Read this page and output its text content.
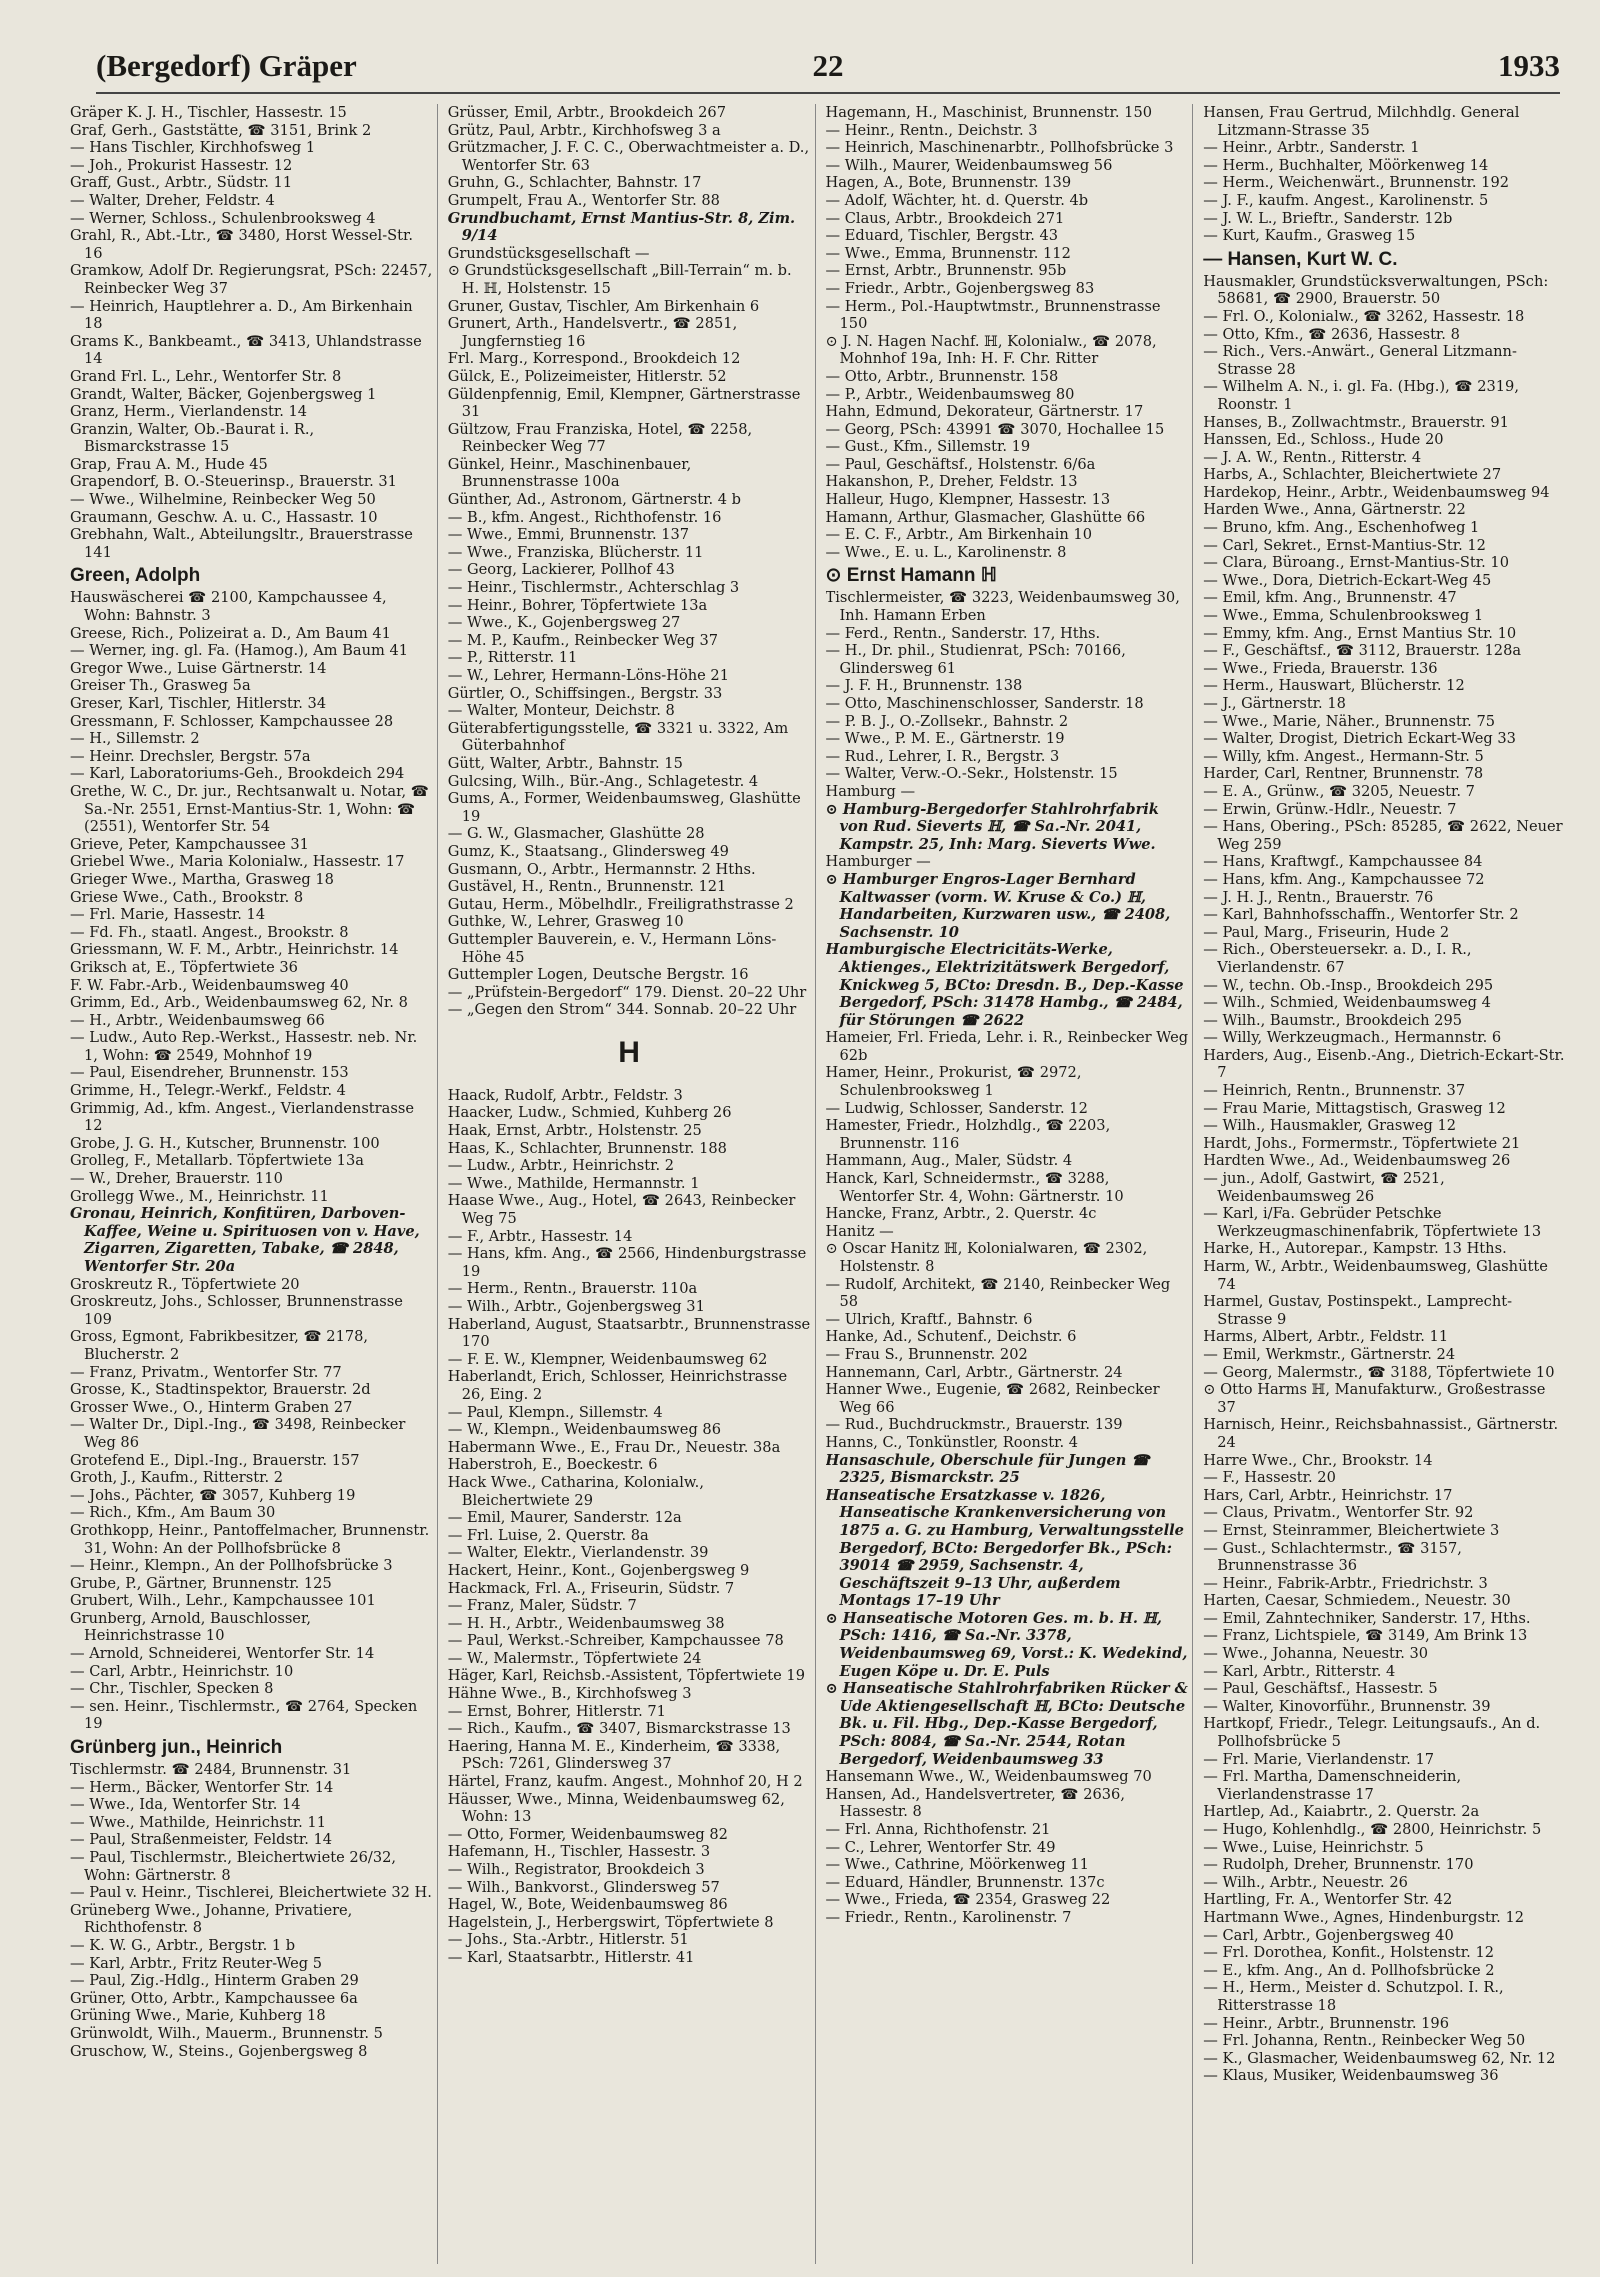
(Bergedorf) Gräper	22	1933
Gräper K. J. H., Tischler, Hassestr. 15
Graf, Gerh., Gaststätte, ☎ 3151, Brink 2
— Hans Tischler, Kirchhofsweg 1
— Joh., Prokurist Hassestr. 12
Graff, Gust., Arbtr., Südstr. 11
— Walter, Dreher, Feldstr. 4
— Werner, Schloss., Schulenbrooksweg 4
Grahl, R., Abt.-Ltr., ☎ 3480, Horst Wessel-Str. 16
Gramkow, Adolf Dr. Regierungsrat, PSch: 22457, Reinbecker Weg 37
— Heinrich, Hauptlehrer a. D., Am Birkenhain 18
Grams K., Bankbeamt., ☎ 3413, Uhlandstrasse 14
Grand Frl. L., Lehr., Wentorfer Str. 8
Grandt, Walter, Bäcker, Gojenbergsweg 1
Granz, Herm., Vierlandenstr. 14
Granzin, Walter, Ob.-Baurat i. R., Bismarckstrasse 15
Grap, Frau A. M., Hude 45
Grapendorf, B. O.-Steuerinsp., Brauerstr. 31
— Wwe., Wilhelmine, Reinbecker Weg 50
Graumann, Geschw. A. u. C., Hassastr. 10
Grebhahn, Walt., Abteilungsltr., Brauerstrasse 141
Green, Adolph
Hauswäscherei ☎ 2100, Kampchaussee 4, Wohn: Bahnstr. 3
Greese, Rich., Polizeirat a. D., Am Baum 41
— Werner, ing. gl. Fa. (Hamog.), Am Baum 41
Gregor Wwe., Luise Gärtnerstr. 14
Greiser Th., Grasweg 5a
Greser, Karl, Tischler, Hitlerstr. 34
Gressmann, F. Schlosser, Kampchaussee 28
— H., Sillemstr. 2
— Heinr. Drechsler, Bergstr. 57a
— Karl, Laboratoriums-Geh., Brookdeich 294
Grethe, W. C., Dr. jur., Rechtsanwalt u. Notar, ☎ Sa.-Nr. 2551, Ernst-Mantius-Str. 1, Wohn: ☎ (2551), Wentorfer Str. 54
Grieve, Peter, Kampchaussee 31
Griebel Wwe., Maria Kolonialw., Hassestr. 17
Grieger Wwe., Martha, Grasweg 18
Griese Wwe., Cath., Brookstr. 8
— Frl. Marie, Hassestr. 14
— Fd. Fh., staatl. Angest., Brookstr. 8
Griessmann, W. F. M., Arbtr., Heinrichstr. 14
Griksch at, E., Töpfertwiete 36
F. W. Fabr.-Arb., Weidenbaumsweg 40
Grimm, Ed., Arb., Weidenbaumsweg 62, Nr. 8
— H., Arbtr., Weidenbaumsweg 66
— Ludw., Auto Rep.-Werkst., Hassestr. neb. Nr. 1, Wohn: ☎ 2549, Mohnhof 19
— Paul, Eisendreher, Brunnenstr. 153
Grimme, H., Telegr.-Werkf., Feldstr. 4
Grimmig, Ad., kfm. Angest., Vierlandenstrasse 12
Grobe, J. G. H., Kutscher, Brunnenstr. 100
Grolleg, F., Metallarb. Töpfertwiete 13a
— W., Dreher, Brauerstr. 110
Grollegg Wwe., M., Heinrichstr. 11
Gronau, Heinrich, Konfitüren, Darboven-Kaffee, Weine u. Spirituosen von v. Have, Zigarren, Zigaretten, Tabake, ☎ 2848, Wentorfer Str. 20a
Groskreutz R., Töpfertwiete 20
Groskreutz, Johs., Schlosser, Brunnenstrasse 109
Gross, Egmont, Fabrikbesitzer, ☎ 2178, Blucherstr. 2
— Franz, Privatm., Wentorfer Str. 77
Grosse, K., Stadtinspektor, Brauerstr. 2d
Grosser Wwe., O., Hinterm Graben 27
— Walter Dr., Dipl.-Ing., ☎ 3498, Reinbecker Weg 86
Grotefend E., Dipl.-Ing., Brauerstr. 157
Groth, J., Kaufm., Ritterstr. 2
— Johs., Pächter, ☎ 3057, Kuhberg 19
— Rich., Kfm., Am Baum 30
Grothkopp, Heinr., Pantoffelmacher, Brunnenstr. 31, Wohn: An der Pollhofsbrücke 8
— Heinr., Klempn., An der Pollhofsbrücke 3
Grube, P., Gärtner, Brunnenstr. 125
Grubert, Wilh., Lehr., Kampchaussee 101
Grunberg, Arnold, Bauschlosser, Heinrichstrasse 10
— Arnold, Schneiderei, Wentorfer Str. 14
— Carl, Arbtr., Heinrichstr. 10
— Chr., Tischler, Specken 8
— sen. Heinr., Tischlermstr., ☎ 2764, Specken 19
Grünberg jun., Heinrich
Tischlermstr. ☎ 2484, Brunnenstr. 31
— Herm., Bäcker, Wentorfer Str. 14
— Wwe., Ida, Wentorfer Str. 14
— Wwe., Mathilde, Heinrichstr. 11
— Paul, Straßenmeister, Feldstr. 14
— Paul, Tischlermstr., Bleichertwiete 26/32, Wohn: Gärtnerstr. 8
— Paul v. Heinr., Tischlerei, Bleichertwiete 32 H.
Grüneberg Wwe., Johanne, Privatiere, Richthofenstr. 8
— K. W. G., Arbtr., Bergstr. 1 b
— Karl, Arbtr., Fritz Reuter-Weg 5
— Paul, Zig.-Hdlg., Hinterm Graben 29
Grüner, Otto, Arbtr., Kampchaussee 6a
Grüning Wwe., Marie, Kuhberg 18
Grünwoldt, Wilh., Mauerm., Brunnenstr. 5
Gruschow, W., Steins., Gojenbergsweg 8
Grüsser, Emil, Arbtr., Brookdeich 267
Grütz, Paul, Arbtr., Kirchhofsweg 3 a
Grützmacher, J. F. C. C., Oberwachtmeister a. D., Wentorfer Str. 63
Gruhn, G., Schlachter, Bahnstr. 17
Grumpelt, Frau A., Wentorfer Str. 88
Grundbuchamt, Ernst Mantius-Str. 8, Zim. 9/14
Grundstücksgesellschaft —
⊙ Grundstücksgesellschaft „Bill-Terrain“ m. b. H. ℍ, Holstenstr. 15
Gruner, Gustav, Tischler, Am Birkenhain 6
Grunert, Arth., Handelsvertr., ☎ 2851, Jungfernstieg 16
Frl. Marg., Korrespond., Brookdeich 12
Gülck, E., Polizeimeister, Hitlerstr. 52
Güldenpfennig, Emil, Klempner, Gärtnerstrasse 31
Gültzow, Frau Franziska, Hotel, ☎ 2258, Reinbecker Weg 77
Günkel, Heinr., Maschinenbauer, Brunnenstrasse 100a
Günther, Ad., Astronom, Gärtnerstr. 4 b
— B., kfm. Angest., Richthofenstr. 16
— Wwe., Emmi, Brunnenstr. 137
— Wwe., Franziska, Blücherstr. 11
— Georg, Lackierer, Pollhof 43
— Heinr., Tischlermstr., Achterschlag 3
— Heinr., Bohrer, Töpfertwiete 13a
— Wwe., K., Gojenbergsweg 27
— M. P., Kaufm., Reinbecker Weg 37
— P., Ritterstr. 11
— W., Lehrer, Hermann-Löns-Höhe 21
Gürtler, O., Schiffsingen., Bergstr. 33
— Walter, Monteur, Deichstr. 8
Güterabfertigungsstelle, ☎ 3321 u. 3322, Am Güterbahnhof
Gütt, Walter, Arbtr., Bahnstr. 15
Gulcsing, Wilh., Bür.-Ang., Schlagetestr. 4
Gums, A., Former, Weidenbaumsweg, Glashütte 19
— G. W., Glasmacher, Glashütte 28
Gumz, K., Staatsang., Glindersweg 49
Gusmann, O., Arbtr., Hermannstr. 2 Hths.
Gustävel, H., Rentn., Brunnenstr. 121
Gutau, Herm., Möbelhdlr., Freiligrathstrasse 2
Guthke, W., Lehrer, Grasweg 10
Guttempler Bauverein, e. V., Hermann Löns-Höhe 45
Guttempler Logen, Deutsche Bergstr. 16
— „Prüfstein-Bergedorf“ 179. Dienst. 20–22 Uhr
— „Gegen den Strom“ 344. Sonnab. 20–22 Uhr
H
Haack, Rudolf, Arbtr., Feldstr. 3
Haacker, Ludw., Schmied, Kuhberg 26
Haak, Ernst, Arbtr., Holstenstr. 25
Haas, K., Schlachter, Brunnenstr. 188
— Ludw., Arbtr., Heinrichstr. 2
— Wwe., Mathilde, Hermannstr. 1
Haase Wwe., Aug., Hotel, ☎ 2643, Reinbecker Weg 75
— F., Arbtr., Hassestr. 14
— Hans, kfm. Ang., ☎ 2566, Hindenburgstrasse 19
— Herm., Rentn., Brauerstr. 110a
— Wilh., Arbtr., Gojenbergsweg 31
Haberland, August, Staatsarbtr., Brunnenstrasse 170
— F. E. W., Klempner, Weidenbaumsweg 62
Haberlandt, Erich, Schlosser, Heinrichstrasse 26, Eing. 2
— Paul, Klempn., Sillemstr. 4
— W., Klempn., Weidenbaumsweg 86
Habermann Wwe., E., Frau Dr., Neuestr. 38a
Haberstroh, E., Boeckestr. 6
Hack Wwe., Catharina, Kolonialw., Bleichertwiete 29
— Emil, Maurer, Sanderstr. 12a
— Frl. Luise, 2. Querstr. 8a
— Walter, Elektr., Vierlandenstr. 39
Hackert, Heinr., Kont., Gojenbergsweg 9
Hackmack, Frl. A., Friseurin, Südstr. 7
— Franz, Maler, Südstr. 7
— H. H., Arbtr., Weidenbaumsweg 38
— Paul, Werkst.-Schreiber, Kampchaussee 78
— W., Malermstr., Töpfertwiete 24
Häger, Karl, Reichsb.-Assistent, Töpfertwiete 19
Hähne Wwe., B., Kirchhofsweg 3
— Ernst, Bohrer, Hitlerstr. 71
— Rich., Kaufm., ☎ 3407, Bismarckstrasse 13
Haering, Hanna M. E., Kinderheim, ☎ 3338, PSch: 7261, Glindersweg 37
Härtel, Franz, kaufm. Angest., Mohnhof 20, H 2
Häusser, Wwe., Minna, Weidenbaumsweg 62, Wohn: 13
— Otto, Former, Weidenbaumsweg 82
Hafemann, H., Tischler, Hassestr. 3
— Wilh., Registrator, Brookdeich 3
— Wilh., Bankvorst., Glindersweg 57
Hagel, W., Bote, Weidenbaumsweg 86
Hagelstein, J., Herbergswirt, Töpfertwiete 8
— Johs., Sta.-Arbtr., Hitlerstr. 51
— Karl, Staatsarbtr., Hitlerstr. 41
Hagemann, H., Maschinist, Brunnenstr. 150
— Heinr., Rentn., Deichstr. 3
— Heinrich, Maschinenarbtr., Pollhofsbrücke 3
— Wilh., Maurer, Weidenbaumsweg 56
Hagen, A., Bote, Brunnenstr. 139
— Adolf, Wächter, ht. d. Querstr. 4b
— Claus, Arbtr., Brookdeich 271
— Eduard, Tischler, Bergstr. 43
— Wwe., Emma, Brunnenstr. 112
— Ernst, Arbtr., Brunnenstr. 95b
— Friedr., Arbtr., Gojenbergsweg 83
— Herm., Pol.-Hauptwtmstr., Brunnenstrasse 150
⊙ J. N. Hagen Nachf. ℍ, Kolonialw., ☎ 2078, Mohnhof 19a, Inh: H. F. Chr. Ritter
— Otto, Arbtr., Brunnenstr. 158
— P., Arbtr., Weidenbaumsweg 80
Hahn, Edmund, Dekorateur, Gärtnerstr. 17
— Georg, PSch: 43991 ☎ 3070, Hochallee 15
— Gust., Kfm., Sillemstr. 19
— Paul, Geschäftsf., Holstenstr. 6/6a
Hakanshon, P., Dreher, Feldstr. 13
Halleur, Hugo, Klempner, Hassestr. 13
Hamann, Arthur, Glasmacher, Glashütte 66
— E. C. F., Arbtr., Am Birkenhain 10
— Wwe., E. u. L., Karolinenstr. 8
⊙ Ernst Hamann ℍ
Tischlermeister, ☎ 3223, Weidenbaumsweg 30, Inh. Hamann Erben
— Ferd., Rentn., Sanderstr. 17, Hths.
— H., Dr. phil., Studienrat, PSch: 70166, Glindersweg 61
— J. F. H., Brunnenstr. 138
— Otto, Maschinenschlosser, Sanderstr. 18
— P. B. J., O.-Zollsekr., Bahnstr. 2
— Wwe., P. M. E., Gärtnerstr. 19
— Rud., Lehrer, I. R., Bergstr. 3
— Walter, Verw.-O.-Sekr., Holstenstr. 15
Hamburg —
⊙ Hamburg-Bergedorfer Stahlrohrfabrik von Rud. Sieverts ℍ, ☎ Sa.-Nr. 2041, Kampstr. 25, Inh: Marg. Sieverts Wwe.
Hamburger —
⊙ Hamburger Engros-Lager Bernhard Kaltwasser (vorm. W. Kruse & Co.) ℍ, Handarbeiten, Kurzwaren usw., ☎ 2408, Sachsenstr. 10
Hamburgische Electricitäts-Werke, Aktienges., Elektrizitätswerk Bergedorf, Knickweg 5, BCto: Dresdn. B., Dep.-Kasse Bergedorf, PSch: 31478 Hambg., ☎ 2484, für Störungen ☎ 2622
Hameier, Frl. Frieda, Lehr. i. R., Reinbecker Weg 62b
Hamer, Heinr., Prokurist, ☎ 2972, Schulenbrooksweg 1
— Ludwig, Schlosser, Sanderstr. 12
Hamester, Friedr., Holzhdlg., ☎ 2203, Brunnenstr. 116
Hammann, Aug., Maler, Südstr. 4
Hanck, Karl, Schneidermstr., ☎ 3288, Wentorfer Str. 4, Wohn: Gärtnerstr. 10
Hancke, Franz, Arbtr., 2. Querstr. 4c
Hanitz —
⊙ Oscar Hanitz ℍ, Kolonialwaren, ☎ 2302, Holstenstr. 8
— Rudolf, Architekt, ☎ 2140, Reinbecker Weg 58
— Ulrich, Kraftf., Bahnstr. 6
Hanke, Ad., Schutenf., Deichstr. 6
— Frau S., Brunnenstr. 202
Hannemann, Carl, Arbtr., Gärtnerstr. 24
Hanner Wwe., Eugenie, ☎ 2682, Reinbecker Weg 66
— Rud., Buchdruckmstr., Brauerstr. 139
Hanns, C., Tonkünstler, Roonstr. 4
Hansaschule, Oberschule für Jungen ☎ 2325, Bismarckstr. 25
Hanseatische Ersatzkasse v. 1826, Hanseatische Krankenversicherung von 1875 a. G. zu Hamburg, Verwaltungsstelle Bergedorf, BCto: Bergedorfer Bk., PSch: 39014 ☎ 2959, Sachsenstr. 4, Geschäftszeit 9–13 Uhr, außerdem Montags 17–19 Uhr
⊙ Hanseatische Motoren Ges. m. b. H. ℍ, PSch: 1416, ☎ Sa.-Nr. 3378, Weidenbaumsweg 69, Vorst.: K. Wedekind, Eugen Köpe u. Dr. E. Puls
⊙ Hanseatische Stahlrohrfabriken Rücker & Ude Aktiengesellschaft ℍ, BCto: Deutsche Bk. u. Fil. Hbg., Dep.-Kasse Bergedorf, PSch: 8084, ☎ Sa.-Nr. 2544, Rotan Bergedorf, Weidenbaumsweg 33
Hansemann Wwe., W., Weidenbaumsweg 70
Hansen, Ad., Handelsvertreter, ☎ 2636, Hassestr. 8
— Frl. Anna, Richthofenstr. 21
— C., Lehrer, Wentorfer Str. 49
— Wwe., Cathrine, Möörkenweg 11
— Eduard, Händler, Brunnenstr. 137c
— Wwe., Frieda, ☎ 2354, Grasweg 22
— Friedr., Rentn., Karolinenstr. 7
Hansen, Frau Gertrud, Milchhdlg. General Litzmann-Strasse 35
— Heinr., Arbtr., Sanderstr. 1
— Herm., Buchhalter, Möörkenweg 14
— Herm., Weichenwärt., Brunnenstr. 192
— J. F., kaufm. Angest., Karolinenstr. 5
— J. W. L., Brieftr., Sanderstr. 12b
— Kurt, Kaufm., Grasweg 15
— Hansen, Kurt W. C.
Hausmakler, Grundstücksverwaltungen, PSch: 58681, ☎ 2900, Brauerstr. 50
— Frl. O., Kolonialw., ☎ 3262, Hassestr. 18
— Otto, Kfm., ☎ 2636, Hassestr. 8
— Rich., Vers.-Anwärt., General Litzmann-Strasse 28
— Wilhelm A. N., i. gl. Fa. (Hbg.), ☎ 2319, Roonstr. 1
Hanses, B., Zollwachtmstr., Brauerstr. 91
Hanssen, Ed., Schloss., Hude 20
— J. A. W., Rentn., Ritterstr. 4
Harbs, A., Schlachter, Bleichertwiete 27
Hardekop, Heinr., Arbtr., Weidenbaumsweg 94
Harden Wwe., Anna, Gärtnerstr. 22
— Bruno, kfm. Ang., Eschenhofweg 1
— Carl, Sekret., Ernst-Mantius-Str. 12
— Clara, Büroang., Ernst-Mantius-Str. 10
— Wwe., Dora, Dietrich-Eckart-Weg 45
— Emil, kfm. Ang., Brunnenstr. 47
— Wwe., Emma, Schulenbrooksweg 1
— Emmy, kfm. Ang., Ernst Mantius Str. 10
— F., Geschäftsf., ☎ 3112, Brauerstr. 128a
— Wwe., Frieda, Brauerstr. 136
— Herm., Hauswart, Blücherstr. 12
— J., Gärtnerstr. 18
— Wwe., Marie, Näher., Brunnenstr. 75
— Walter, Drogist, Dietrich Eckart-Weg 33
— Willy, kfm. Angest., Hermann-Str. 5
Harder, Carl, Rentner, Brunnenstr. 78
— E. A., Grünw., ☎ 3205, Neuestr. 7
— Erwin, Grünw.-Hdlr., Neuestr. 7
— Hans, Obering., PSch: 85285, ☎ 2622, Neuer Weg 259
— Hans, Kraftwgf., Kampchaussee 84
— Hans, kfm. Ang., Kampchaussee 72
— J. H. J., Rentn., Brauerstr. 76
— Karl, Bahnhofsschaffn., Wentorfer Str. 2
— Paul, Marg., Friseurin, Hude 2
— Rich., Obersteuersekr. a. D., I. R., Vierlandenstr. 67
— W., techn. Ob.-Insp., Brookdeich 295
— Wilh., Schmied, Weidenbaumsweg 4
— Wilh., Baumstr., Brookdeich 295
— Willy, Werkzeugmach., Hermannstr. 6
Harders, Aug., Eisenb.-Ang., Dietrich-Eckart-Str. 7
— Heinrich, Rentn., Brunnenstr. 37
— Frau Marie, Mittagstisch, Grasweg 12
— Wilh., Hausmakler, Grasweg 12
Hardt, Johs., Formermstr., Töpfertwiete 21
Hardten Wwe., Ad., Weidenbaumsweg 26
— jun., Adolf, Gastwirt, ☎ 2521, Weidenbaumsweg 26
— Karl, i/Fa. Gebrüder Petschke Werkzeugmaschinenfabrik, Töpfertwiete 13
Harke, H., Autorepar., Kampstr. 13 Hths.
Harm, W., Arbtr., Weidenbaumsweg, Glashütte 74
Harmel, Gustav, Postinspekt., Lamprecht-Strasse 9
Harms, Albert, Arbtr., Feldstr. 11
— Emil, Werkmstr., Gärtnerstr. 24
— Georg, Malermstr., ☎ 3188, Töpfertwiete 10
⊙ Otto Harms ℍ, Manufakturw., Großestrasse 37
Harnisch, Heinr., Reichsbahnassist., Gärtnerstr. 24
Harre Wwe., Chr., Brookstr. 14
— F., Hassestr. 20
Hars, Carl, Arbtr., Heinrichstr. 17
— Claus, Privatm., Wentorfer Str. 92
— Ernst, Steinrammer, Bleichertwiete 3
— Gust., Schlachtermstr., ☎ 3157, Brunnenstrasse 36
— Heinr., Fabrik-Arbtr., Friedrichstr. 3
Harten, Caesar, Schmiedem., Neuestr. 30
— Emil, Zahntechniker, Sanderstr. 17, Hths.
— Franz, Lichtspiele, ☎ 3149, Am Brink 13
— Wwe., Johanna, Neuestr. 30
— Karl, Arbtr., Ritterstr. 4
— Paul, Geschäftsf., Hassestr. 5
— Walter, Kinovorführ., Brunnenstr. 39
Hartkopf, Friedr., Telegr. Leitungsaufs., An d. Pollhofsbrücke 5
— Frl. Marie, Vierlandenstr. 17
— Frl. Martha, Damenschneiderin, Vierlandenstrasse 17
Hartlep, Ad., Kaiabrtr., 2. Querstr. 2a
— Hugo, Kohlenhdlg., ☎ 2800, Heinrichstr. 5
— Wwe., Luise, Heinrichstr. 5
— Rudolph, Dreher, Brunnenstr. 170
— Wilh., Arbtr., Neuestr. 26
Hartling, Fr. A., Wentorfer Str. 42
Hartmann Wwe., Agnes, Hindenburgstr. 12
— Carl, Arbtr., Gojenbergsweg 40
— Frl. Dorothea, Konfit., Holstenstr. 12
— E., kfm. Ang., An d. Pollhofsbrücke 2
— H., Herm., Meister d. Schutzpol. I. R., Ritterstrasse 18
— Heinr., Arbtr., Brunnenstr. 196
— Frl. Johanna, Rentn., Reinbecker Weg 50
— K., Glasmacher, Weidenbaumsweg 62, Nr. 12
— Klaus, Musiker, Weidenbaumsweg 36
